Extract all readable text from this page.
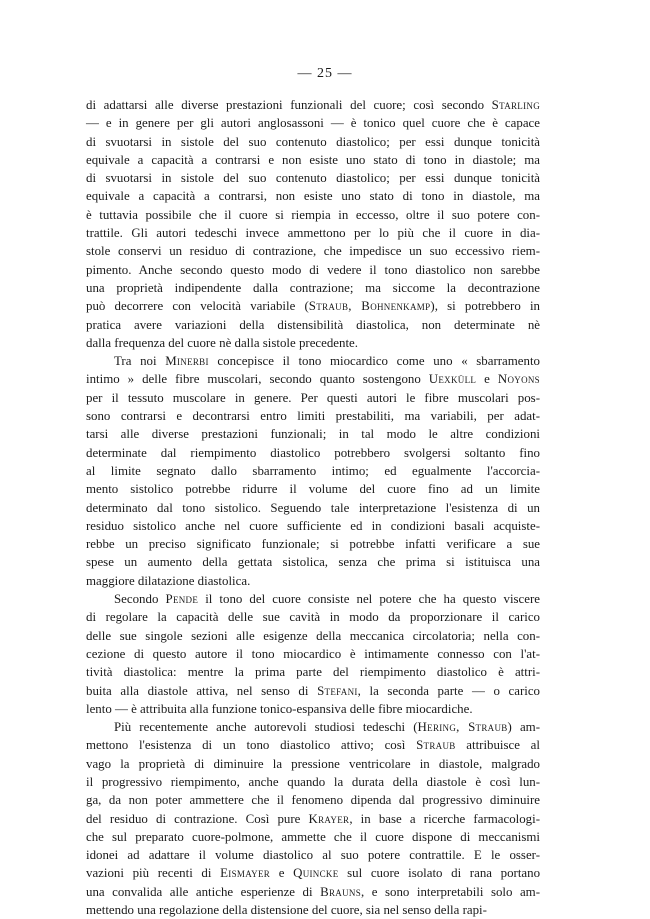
— 25 —
di adattarsi alle diverse prestazioni funzionali del cuore; così secondo Starling
— e in genere per gli autori anglosassoni — è tonico quel cuore che è capace
di svuotarsi in sistole del suo contenuto diastolico; per essi dunque tonicità
equivale a capacità a contrarsi e non esiste uno stato di tono in diastole; ma
di svuotarsi in sistole del suo contenuto diastolico; per essi dunque tonicità
equivale a capacità a contrarsi, non esiste uno stato di tono in diastole, ma
è tuttavia possibile che il cuore si riempia in eccesso, oltre il suo potere con-
trattile. Gli autori tedeschi invece ammettono per lo più che il cuore in dia-
stole conservi un residuo di contrazione, che impedisce un suo eccessivo riem-
pimento. Anche secondo questo modo di vedere il tono diastolico non sarebbe
una proprietà indipendente dalla contrazione; ma siccome la decontrazione
può decorrere con velocità variabile (Straub, Bohnenkamp), si potrebbero in
pratica avere variazioni della distensibilità diastolica, non determinate nè
dalla frequenza del cuore nè dalla sistole precedente.
Tra noi Minerbi concepisce il tono miocardico come uno « sbarramento
intimo » delle fibre muscolari, secondo quanto sostengono Uexküll e Noyons
per il tessuto muscolare in genere. Per questi autori le fibre muscolari pos-
sono contrarsi e decontrarsi entro limiti prestabiliti, ma variabili, per adat-
tarsi alle diverse prestazioni funzionali; in tal modo le altre condizioni
determinate dal riempimento diastolico potrebbero svolgersi soltanto fino
al limite segnato dallo sbarramento intimo; ed egualmente l'accorcia-
mento sistolico potrebbe ridurre il volume del cuore fino ad un limite
determinato dal tono sistolico. Seguendo tale interpretazione l'esistenza di un
residuo sistolico anche nel cuore sufficiente ed in condizioni basali acquiste-
rebbe un preciso significato funzionale; si potrebbe infatti verificare a sue
spese un aumento della gettata sistolica, senza che prima si istituisca una
maggiore dilatazione diastolica.
Secondo Pende il tono del cuore consiste nel potere che ha questo viscere
di regolare la capacità delle sue cavità in modo da proporzionare il carico
delle sue singole sezioni alle esigenze della meccanica circolatoria; nella con-
cezione di questo autore il tono miocardico è intimamente connesso con l'at-
tività diastolica: mentre la prima parte del riempimento diastolico è attri-
buita alla diastole attiva, nel senso di Stefani, la seconda parte — o carico
lento — è attribuita alla funzione tonico-espansiva delle fibre miocardiche.
Più recentemente anche autorevoli studiosi tedeschi (Hering, Straub) am-
mettono l'esistenza di un tono diastolico attivo; così Straub attribuisce al
vago la proprietà di diminuire la pressione ventricolare in diastole, malgrado
il progressivo riempimento, anche quando la durata della diastole è così lun-
ga, da non poter ammettere che il fenomeno dipenda dal progressivo diminuire
del residuo di contrazione. Così pure Krayer, in base a ricerche farmacologi-
che sul preparato cuore-polmone, ammette che il cuore dispone di meccanismi
idonei ad adattare il volume diastolico al suo potere contrattile. E le osser-
vazioni più recenti di Eismayer e Quincke sul cuore isolato di rana portano
una convalida alle antiche esperienze di Brauns, e sono interpretabili solo am-
mettendo una regolazione della distensione del cuore, sia nel senso della rapi-
